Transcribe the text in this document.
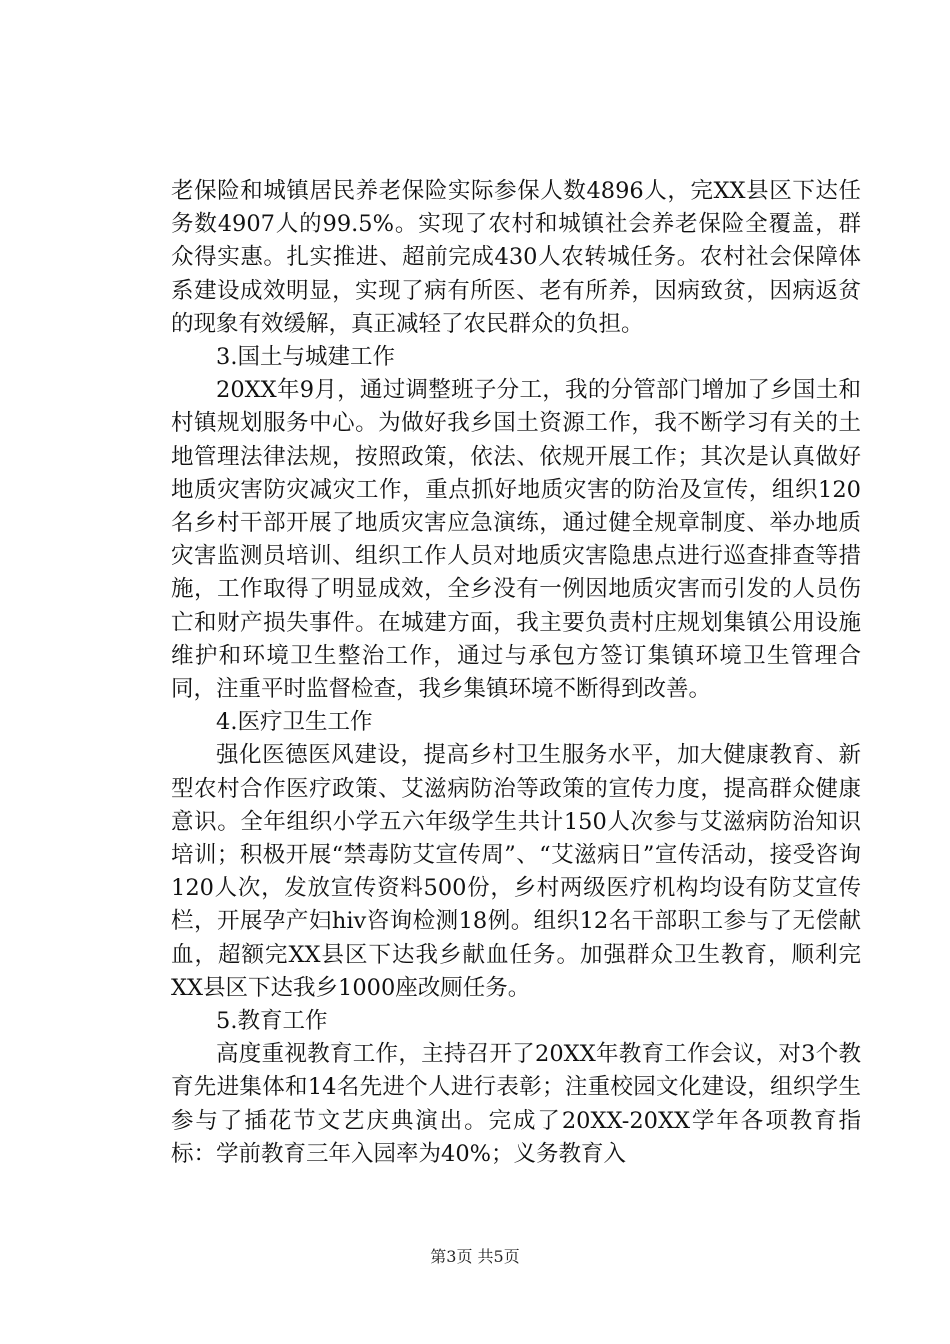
老保险和城镇居民养老保险实际参保人数4896人，完XX县区下达任务数4907人的99.5%。实现了农村和城镇社会养老保险全覆盖，群众得实惠。扎实推进、超前完成430人农转城任务。农村社会保障体系建设成效明显，实现了病有所医、老有所养，因病致贫，因病返贫的现象有效缓解，真正减轻了农民群众的负担。

3.国土与城建工作

20XX年9月，通过调整班子分工，我的分管部门增加了乡国土和村镇规划服务中心。为做好我乡国土资源工作，我不断学习有关的土地管理法律法规，按照政策，依法、依规开展工作；其次是认真做好地质灾害防灾减灾工作，重点抓好地质灾害的防治及宣传，组织120名乡村干部开展了地质灾害应急演练，通过健全规章制度、举办地质灾害监测员培训、组织工作人员对地质灾害隐患点进行巡查排查等措施，工作取得了明显成效，全乡没有一例因地质灾害而引发的人员伤亡和财产损失事件。在城建方面，我主要负责村庄规划集镇公用设施维护和环境卫生整治工作，通过与承包方签订集镇环境卫生管理合同，注重平时监督检查，我乡集镇环境不断得到改善。

4.医疗卫生工作

强化医德医风建设，提高乡村卫生服务水平，加大健康教育、新型农村合作医疗政策、艾滋病防治等政策的宣传力度，提高群众健康意识。全年组织小学五六年级学生共计150人次参与艾滋病防治知识培训；积极开展“禁毒防艾宣传周”、“艾滋病日”宣传活动，接受咨询120人次，发放宣传资料500份，乡村两级医疗机构均设有防艾宣传栏，开展孕产妇hiv咨询检测18例。组织12名干部职工参与了无偿献血，超额完XX县区下达我乡献血任务。加强群众卫生教育，顺利完XX县区下达我乡1000座改厕任务。

5.教育工作

高度重视教育工作，主持召开了20XX年教育工作会议，对3个教育先进集体和14名先进个人进行表彰；注重校园文化建设，组织学生参与了插花节文艺庆典演出。完成了20XX-20XX学年各项教育指标：学前教育三年入园率为40%；义务教育入

第3页 共5页
